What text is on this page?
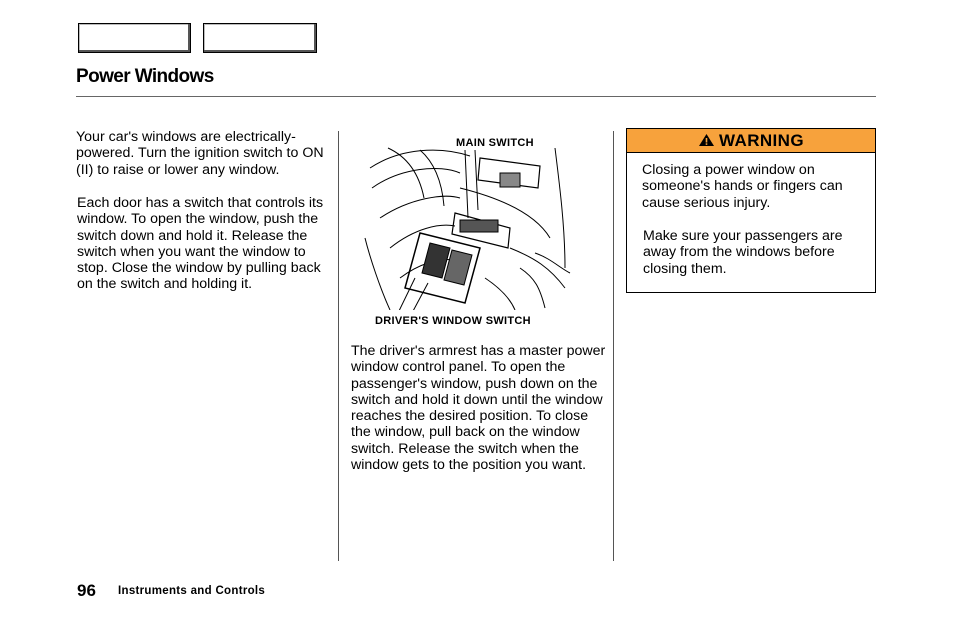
Power Windows

Your car's windows are electrically-powered. Turn the ignition switch to ON (II) to raise or lower any window.

Each door has a switch that controls its window. To open the window, push the switch down and hold it. Release the switch when you want the window to stop. Close the window by pulling back on the switch and holding it.

MAIN SWITCH
DRIVER'S WINDOW SWITCH

The driver's armrest has a master power window control panel. To open the passenger's window, push down on the switch and hold it down until the window reaches the desired position. To close the window, pull back on the window switch. Release the switch when the window gets to the position you want.

WARNING

Closing a power window on someone's hands or fingers can cause serious injury.

Make sure your passengers are away from the windows before closing them.

96 Instruments and Controls
